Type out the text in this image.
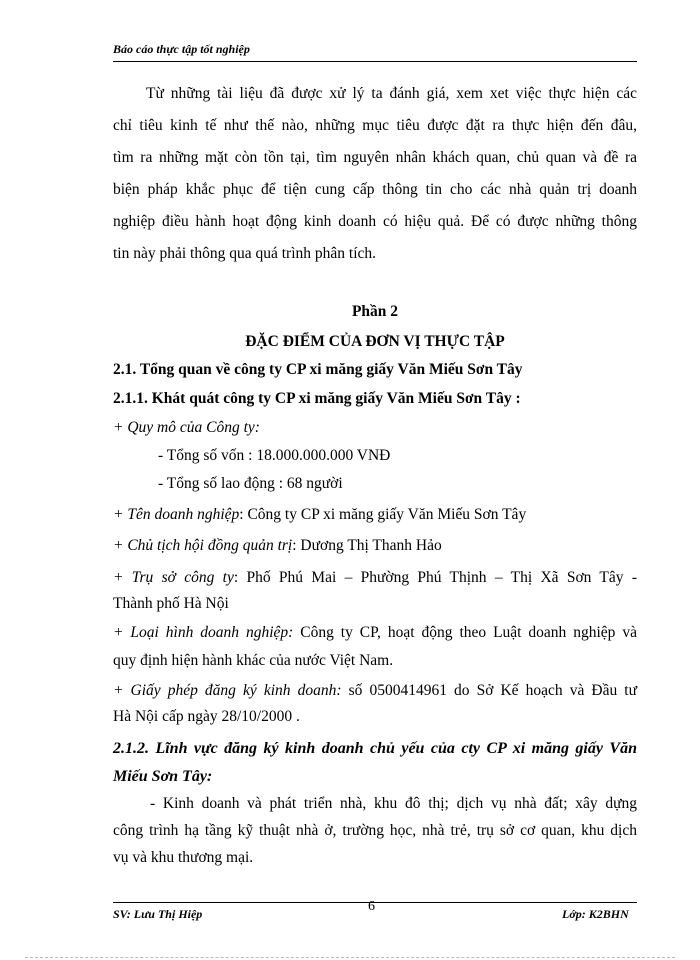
Báo cáo thực tập tốt nghiệp
Từ những tài liệu đã được xử lý ta đánh giá, xem xet việc thực hiện các
chỉ tiêu kinh tế như thế nào, những mục tiêu được đặt ra thực hiện đến đâu,
tìm ra những mặt còn tồn tại, tìm nguyên nhân khách quan, chủ quan và đề ra
biện pháp khắc phục để tiện cung cấp thông tin cho các nhà quản trị doanh
nghiệp điều hành hoạt động kinh doanh có hiệu quả. Để có được những thông
tin này phải thông qua quá trình phân tích.
Phần 2
ĐẶC ĐIỂM CỦA ĐƠN VỊ THỰC TẬP
2.1. Tổng quan về công ty CP xi măng giấy Văn Miếu Sơn Tây
2.1.1. Khát quát công ty CP xi măng giấy Văn Miếu Sơn Tây :
+ Quy mô của Công ty:
- Tổng số vốn : 18.000.000.000 VNĐ
- Tổng số lao động : 68 người
+ Tên doanh nghiệp: Công ty CP xi măng giấy Văn Miếu Sơn Tây
+ Chủ tịch hội đồng quản trị: Dương Thị Thanh Hảo
+ Trụ sở công ty: Phố Phú Mai – Phường Phú Thịnh – Thị Xã Sơn Tây -
Thành phố Hà Nội
+ Loại hình doanh nghiệp: Công ty CP, hoạt động theo Luật doanh nghiệp và
quy định hiện hành khác của nước Việt Nam.
+ Giấy phép đăng ký kinh doanh: số 0500414961 do Sở Kế hoạch và Đầu tư
Hà Nội cấp ngày 28/10/2000 .
2.1.2. Lĩnh vực đăng ký kinh doanh chủ yếu của cty CP xi măng giấy Văn
Miếu Sơn Tây:
- Kinh doanh và phát triển nhà, khu đô thị; dịch vụ nhà đất; xây dựng
công trình hạ tầng kỹ thuật nhà ở, trường học, nhà trẻ, trụ sở cơ quan, khu dịch
vụ và khu thương mại.
SV: Lưu Thị Hiệp	6	Lớp: K2BHN
